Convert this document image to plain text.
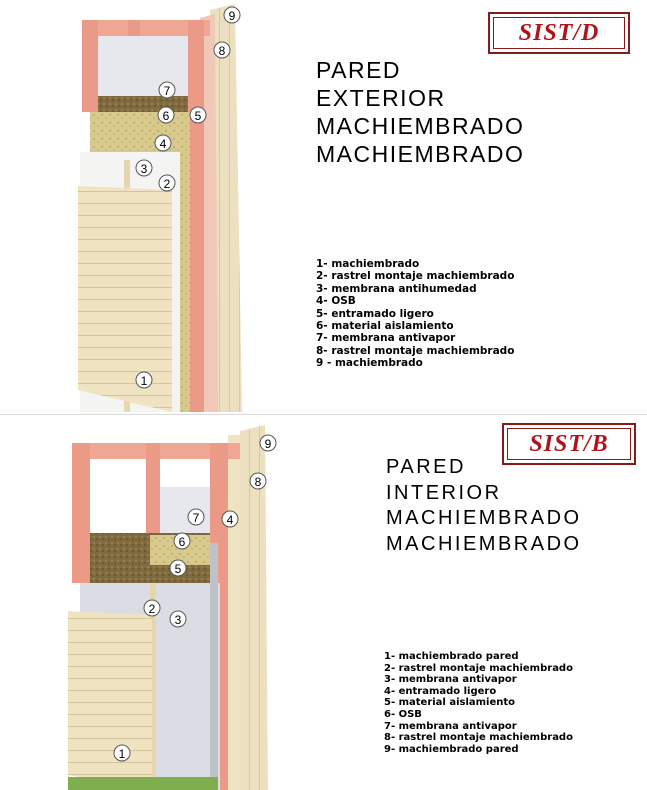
1
2
3
4
5
6
7
8
9
SIST/D
PARED
EXTERIOR
MACHIEMBRADO
MACHIEMBRADO
1- machiembrado
2- rastrel montaje machiembrado
3- membrana antihumedad
4- OSB
5- entramado ligero
6- material aislamiento
7- membrana antivapor
8- rastrel montaje machiembrado
9 - machiembrado
1
2
3
4
5
6
7
8
9	SIST/B
PARED
INTERIOR
MACHIEMBRADO
MACHIEMBRADO
1- machiembrado pared
2- rastrel montaje machiembrado
3- membrana antivapor
4- entramado ligero
5- material aislamiento
6- OSB
7- membrana antivapor
8- rastrel montaje machiembrado
9- machiembrado pared
